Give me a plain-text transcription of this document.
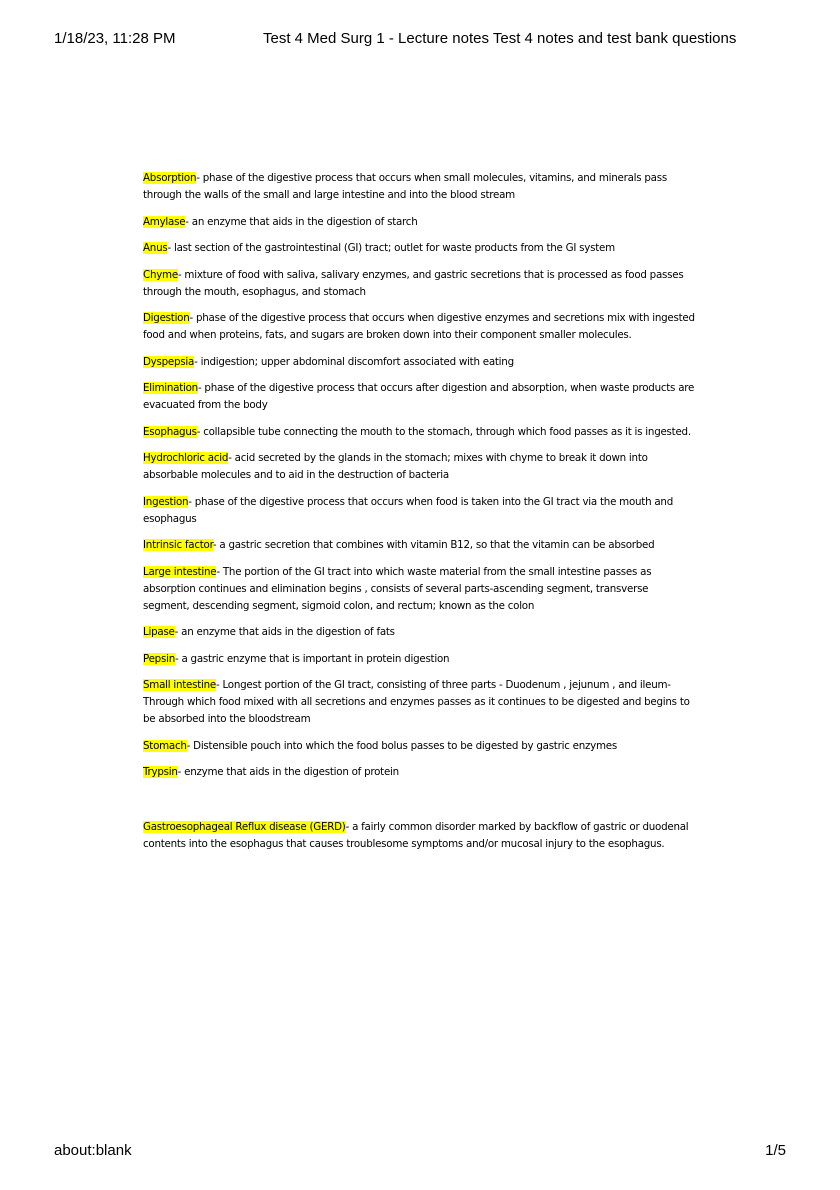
1/18/23, 11:28 PM	Test 4 Med Surg 1 - Lecture notes Test 4 notes and test bank questions

Absorption- phase of the digestive process that occurs when small molecules, vitamins, and minerals pass through the walls of the small and large intestine and into the blood stream

Amylase- an enzyme that aids in the digestion of starch

Anus- last section of the gastrointestinal (GI) tract; outlet for waste products from the GI system

Chyme- mixture of food with saliva, salivary enzymes, and gastric secretions that is processed as food passes through the mouth, esophagus, and stomach

Digestion- phase of the digestive process that occurs when digestive enzymes and secretions mix with ingested food and when proteins, fats, and sugars are broken down into their component smaller molecules.

Dyspepsia- indigestion; upper abdominal discomfort associated with eating

Elimination- phase of the digestive process that occurs after digestion and absorption, when waste products are evacuated from the body

Esophagus- collapsible tube connecting the mouth to the stomach, through which food passes as it is ingested.

Hydrochloric acid- acid secreted by the glands in the stomach; mixes with chyme to break it down into absorbable molecules and to aid in the destruction of bacteria

Ingestion- phase of the digestive process that occurs when food is taken into the GI tract via the mouth and esophagus

Intrinsic factor- a gastric secretion that combines with vitamin B12, so that the vitamin can be absorbed

Large intestine- The portion of the GI tract into which waste material from the small intestine passes as absorption continues and elimination begins , consists of several parts-ascending segment, transverse segment, descending segment, sigmoid colon, and rectum; known as the colon

Lipase- an enzyme that aids in the digestion of fats

Pepsin- a gastric enzyme that is important in protein digestion

Small intestine- Longest portion of the GI tract, consisting of three parts - Duodenum , jejunum , and ileum- Through which food mixed with all secretions and enzymes passes as it continues to be digested and begins to be absorbed into the bloodstream

Stomach- Distensible pouch into which the food bolus passes to be digested by gastric enzymes

Trypsin- enzyme that aids in the digestion of protein

Gastroesophageal Reflux disease (GERD)- a fairly common disorder marked by backflow of gastric or duodenal contents into the esophagus that causes troublesome symptoms and/or mucosal injury to the esophagus.

about:blank	1/5
